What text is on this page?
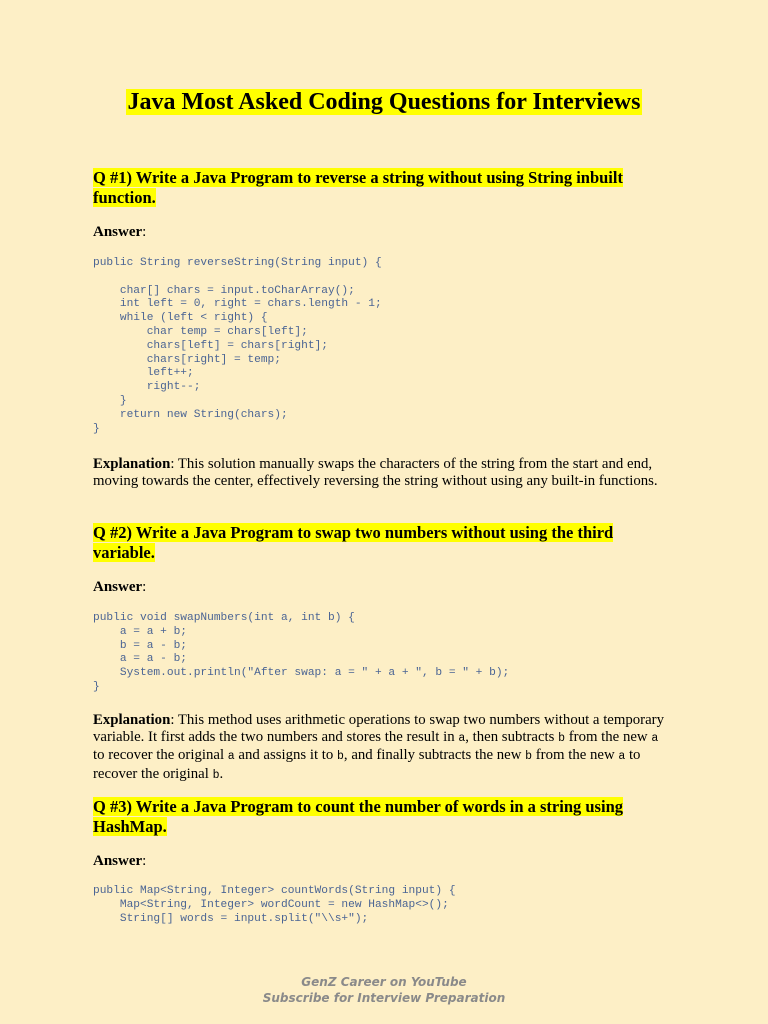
Java Most Asked Coding Questions for Interviews

Q #1) Write a Java Program to reverse a string without using String inbuilt function.

Answer:

public String reverseString(String input) {

char[] chars = input.toCharArray();
int left = 0, right = chars.length - 1;
while (left < right) {
char temp = chars[left];
chars[left] = chars[right];
chars[right] = temp;
left++;
right--;
}
return new String(chars);
}

Explanation: This solution manually swaps the characters of the string from the start and end, moving towards the center, effectively reversing the string without using any built-in functions.

Q #2) Write a Java Program to swap two numbers without using the third variable.

Answer:

public void swapNumbers(int a, int b) {
a = a + b;
b = a - b;
a = a - b;
System.out.println("After swap: a = " + a + ", b = " + b);
}

Explanation: This method uses arithmetic operations to swap two numbers without a temporary variable. It first adds the two numbers and stores the result in a, then subtracts b from the new a to recover the original a and assigns it to b, and finally subtracts the new b from the new a to recover the original b.

Q #3) Write a Java Program to count the number of words in a string using HashMap.

Answer:

public Map<String, Integer> countWords(String input) {
Map<String, Integer> wordCount = new HashMap<>();
String[] words = input.split("\\s+");
GenZ Career on YouTube
Subscribe for Interview Preparation
